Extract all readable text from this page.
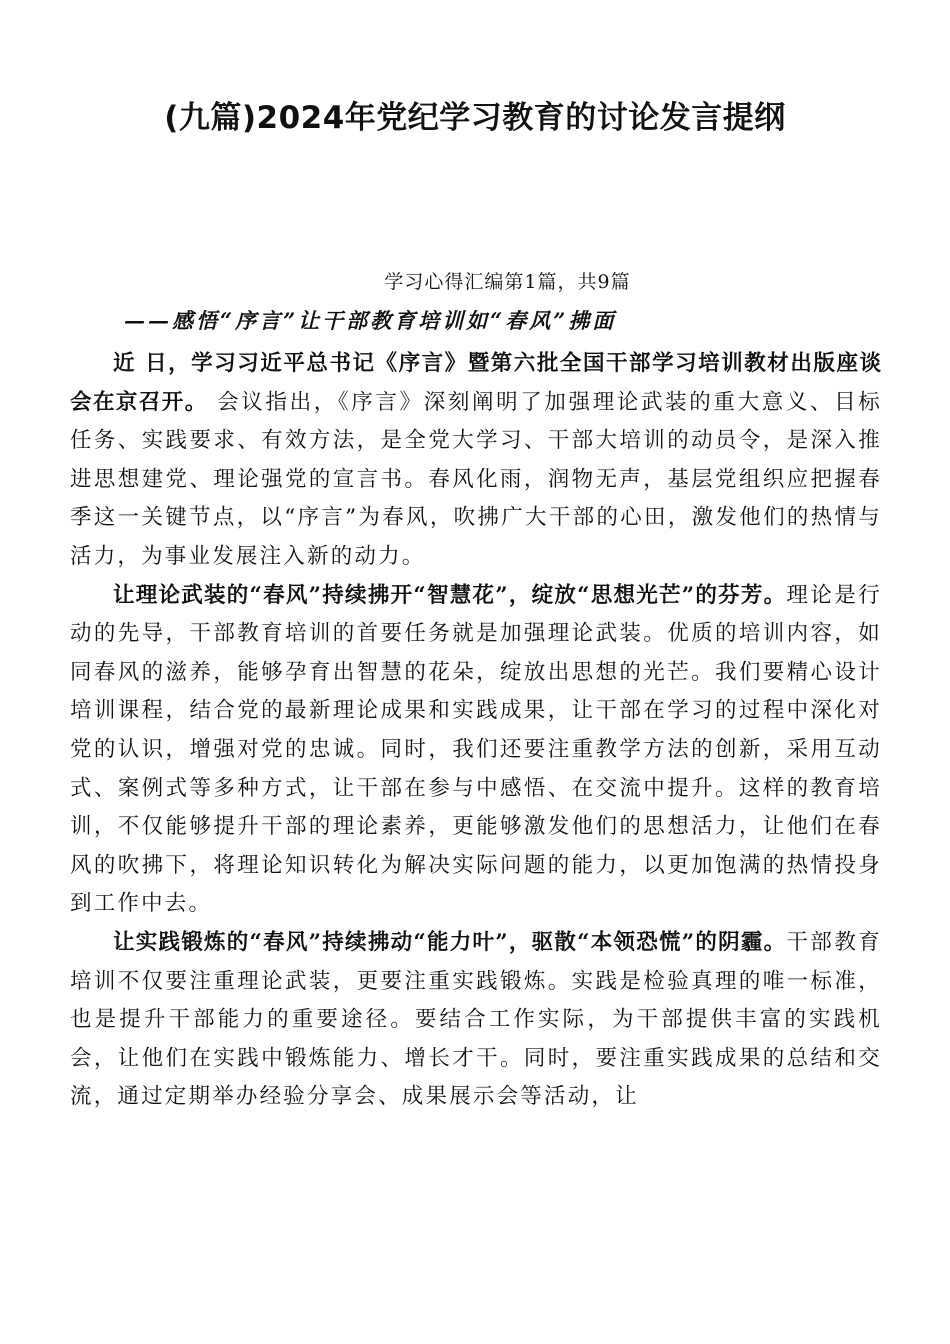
(九篇)2024年党纪学习教育的讨论发言提纲
学习心得汇编第1篇，共9篇
——感悟“序言”让干部教育培训如“春风”拂面

近 日，学习习近平总书记《序言》暨第六批全国干部学习培训教材出版座谈会在京召开。 会议指出，《序言》深刻阐明了加强理论武装的重大意义、目标任务、实践要求、有效方法，是全党大学习、干部大培训的动员令，是深入推进思想建党、理论强党的宣言书。春风化雨，润物无声，基层党组织应把握春季这一关键节点，以“序言”为春风，吹拂广大干部的心田，激发他们的热情与活力，为事业发展注入新的动力。

让理论武装的“春风”持续拂开“智慧花”，绽放“思想光芒”的芬芳。理论是行动的先导，干部教育培训的首要任务就是加强理论武装。优质的培训内容，如同春风的滋养，能够孕育出智慧的花朵，绽放出思想的光芒。我们要精心设计培训课程，结合党的最新理论成果和实践成果，让干部在学习的过程中深化对党的认识，增强对党的忠诚。同时，我们还要注重教学方法的创新，采用互动式、案例式等多种方式，让干部在参与中感悟、在交流中提升。这样的教育培训，不仅能够提升干部的理论素养，更能够激发他们的思想活力，让他们在春风的吹拂下，将理论知识转化为解决实际问题的能力，以更加饱满的热情投身到工作中去。

让实践锻炼的“春风”持续拂动“能力叶”，驱散“本领恐慌”的阴霾。干部教育培训不仅要注重理论武装，更要注重实践锻炼。实践是检验真理的唯一标准，也是提升干部能力的重要途径。要结合工作实际，为干部提供丰富的实践机会，让他们在实践中锻炼能力、增长才干。同时，要注重实践成果的总结和交流，通过定期举办经验分享会、成果展示会等活动，让
